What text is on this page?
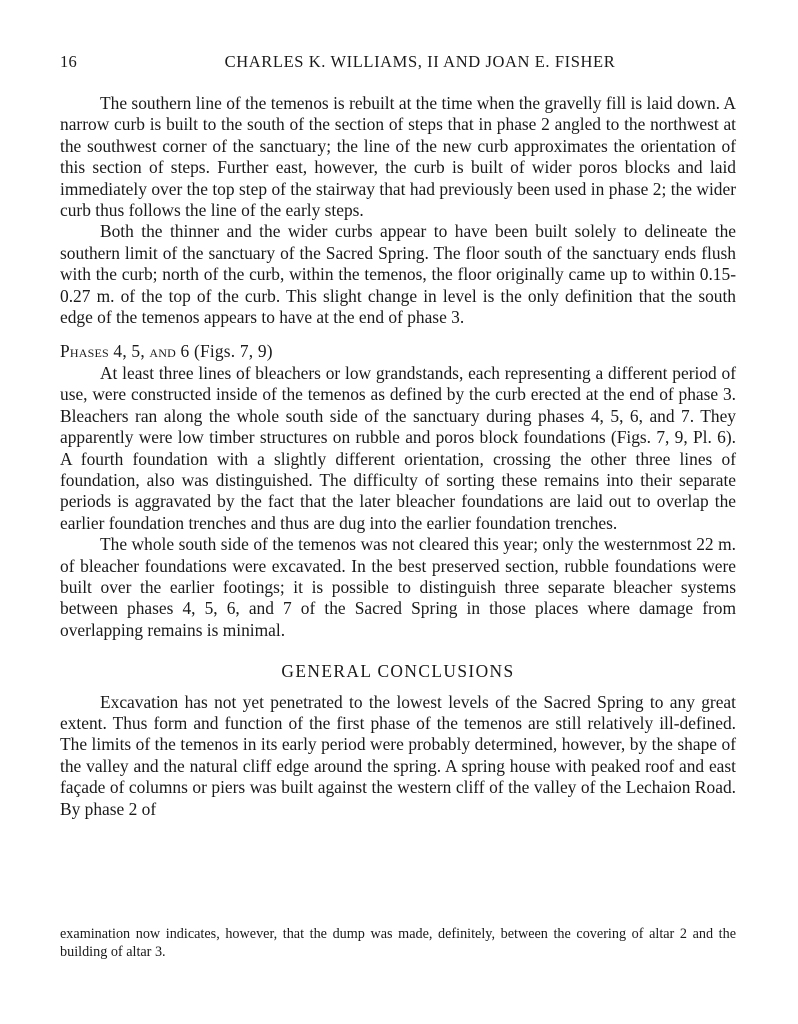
16	CHARLES K. WILLIAMS, II AND JOAN E. FISHER

The southern line of the temenos is rebuilt at the time when the gravelly fill is laid down. A narrow curb is built to the south of the section of steps that in phase 2 angled to the northwest at the southwest corner of the sanctuary; the line of the new curb approximates the orientation of this section of steps. Further east, however, the curb is built of wider poros blocks and laid immediately over the top step of the stairway that had previously been used in phase 2; the wider curb thus follows the line of the early steps.

Both the thinner and the wider curbs appear to have been built solely to delineate the southern limit of the sanctuary of the Sacred Spring. The floor south of the sanctuary ends flush with the curb; north of the curb, within the temenos, the floor originally came up to within 0.15-0.27 m. of the top of the curb. This slight change in level is the only definition that the south edge of the temenos appears to have at the end of phase 3.

Phases 4, 5, and 6 (Figs. 7, 9)

At least three lines of bleachers or low grandstands, each representing a different period of use, were constructed inside of the temenos as defined by the curb erected at the end of phase 3. Bleachers ran along the whole south side of the sanctuary during phases 4, 5, 6, and 7. They apparently were low timber structures on rubble and poros block foundations (Figs. 7, 9, Pl. 6). A fourth foundation with a slightly different orientation, crossing the other three lines of foundation, also was distinguished. The difficulty of sorting these remains into their separate periods is aggravated by the fact that the later bleacher foundations are laid out to overlap the earlier foundation trenches and thus are dug into the earlier foundation trenches.

The whole south side of the temenos was not cleared this year; only the westernmost 22 m. of bleacher foundations were excavated. In the best preserved section, rubble foundations were built over the earlier footings; it is possible to distinguish three separate bleacher systems between phases 4, 5, 6, and 7 of the Sacred Spring in those places where damage from overlapping remains is minimal.

GENERAL CONCLUSIONS

Excavation has not yet penetrated to the lowest levels of the Sacred Spring to any great extent. Thus form and function of the first phase of the temenos are still relatively ill-defined. The limits of the temenos in its early period were probably determined, however, by the shape of the valley and the natural cliff edge around the spring. A spring house with peaked roof and east façade of columns or piers was built against the western cliff of the valley of the Lechaion Road. By phase 2 of

examination now indicates, however, that the dump was made, definitely, between the covering of altar 2 and the building of altar 3.
